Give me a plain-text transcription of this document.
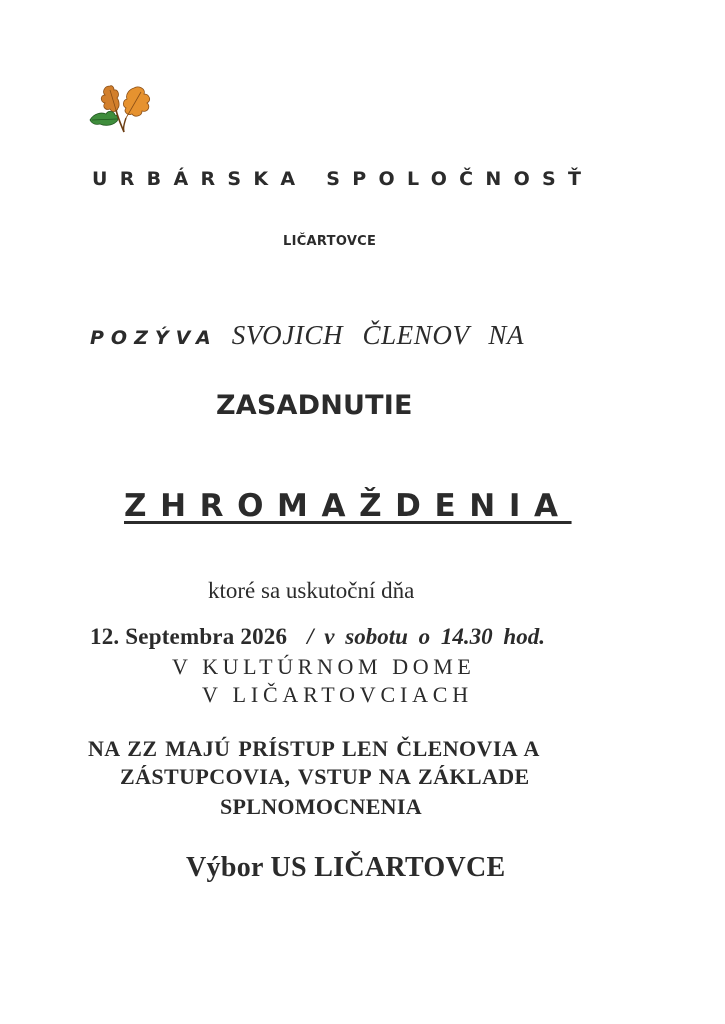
URBÁRSKA SPOLOČNOSŤ
LIČARTOVCE
POZÝVA SVOJICH ČLENOV NA
ZASADNUTIE
ZHROMAŽDENIA
ktoré sa uskutoční dňa
12. Septembra 2026 / v sobotu o 14.30 hod.
V KULTÚRNOM DOME
V LIČARTOVCIACH
NA ZZ MAJÚ PRÍSTUP LEN ČLENOVIA A
ZÁSTUPCOVIA, VSTUP NA ZÁKLADE
SPLNOMOCNENIA
Výbor US LIČARTOVCE
